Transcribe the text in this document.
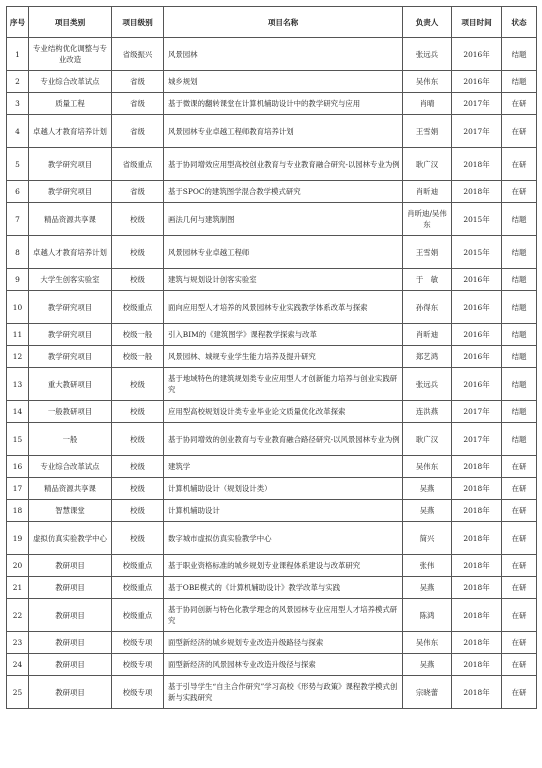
序号	项目类别	项目级别	项目名称	负责人	项目时间	状态
1	专业结构优化调整与专业改造	省级振兴	风景园林	张远兵	2016年	结题
2	专业综合改革试点	省级	城乡规划	吴伟东	2016年	结题
3	质量工程	省级	基于微课的翻转课堂在计算机辅助设计中的教学研究与应用	肖晴	2017年	在研
4	卓越人才教育培养计划	省级	风景园林专业卓越工程师教育培养计划	王雪娟	2017年	在研
5	教学研究项目	省级重点	基于协同增效应用型高校创业教育与专业教育融合研究-以园林专业为例	耿广汉	2018年	在研
6	教学研究项目	省级	基于SPOC的建筑图学混合教学模式研究	肖昕迪	2018年	在研
7	精品资源共享课	校级	画法几何与建筑制图	肖昕迪/吴伟东	2015年	结题
8	卓越人才教育培养计划	校级	风景园林专业卓越工程师	王雪娟	2015年	结题
9	大学生创客实验室	校级	建筑与规划设计创客实验室	于　敏	2016年	结题
10	教学研究项目	校级重点	面向应用型人才培养的风景园林专业实践教学体系改革与探索	孙得东	2016年	结题
11	教学研究项目	校级一般	引入BIM的《建筑图学》课程教学探索与改革	肖昕迪	2016年	结题
12	教学研究项目	校级一般	风景园林、城规专业学生能力培养及提升研究	郑艺鸿	2016年	结题
13	重大教研项目	校级	基于地域特色的建筑规划类专业应用型人才创新能力培养与创业实践研究	张远兵	2016年	结题
14	一般教研项目	校级	应用型高校规划设计类专业毕业论文质量优化改革探索	连洪燕	2017年	结题
15	一般	校级	基于协同增效的创业教育与专业教育融合路径研究-以风景园林专业为例	耿广汉	2017年	结题
16	专业综合改革试点	校级	建筑学	吴伟东	2018年	在研
17	精品资源共享课	校级	计算机辅助设计（规划设计类）	吴燕	2018年	在研
18	智慧课堂	校级	计算机辅助设计	吴燕	2018年	在研
19	虚拟仿真实验教学中心	校级	数字城市虚拟仿真实验教学中心	简兴	2018年	在研
20	教研项目	校级重点	基于职业资格标准的城乡规划专业课程体系建设与改革研究	张伟	2018年	在研
21	教研项目	校级重点	基于OBE模式的《计算机辅助设计》教学改革与实践	吴燕	2018年	在研
22	教研项目	校级重点	基于协同创新与特色化教学理念的风景园林专业应用型人才培养模式研究	陈鸿	2018年	在研
23	教研项目	校级专项	面型新经济的城乡规划专业改造升级路径与探索	吴伟东	2018年	在研
24	教研项目	校级专项	面型新经济的风景园林专业改造升级径与探索	吴燕	2018年	在研
25	教研项目	校级专项	基于引导学生“自主合作研究”学习高校《形势与政策》课程教学模式创新与实践研究	宗晓蕾	2018年	在研
